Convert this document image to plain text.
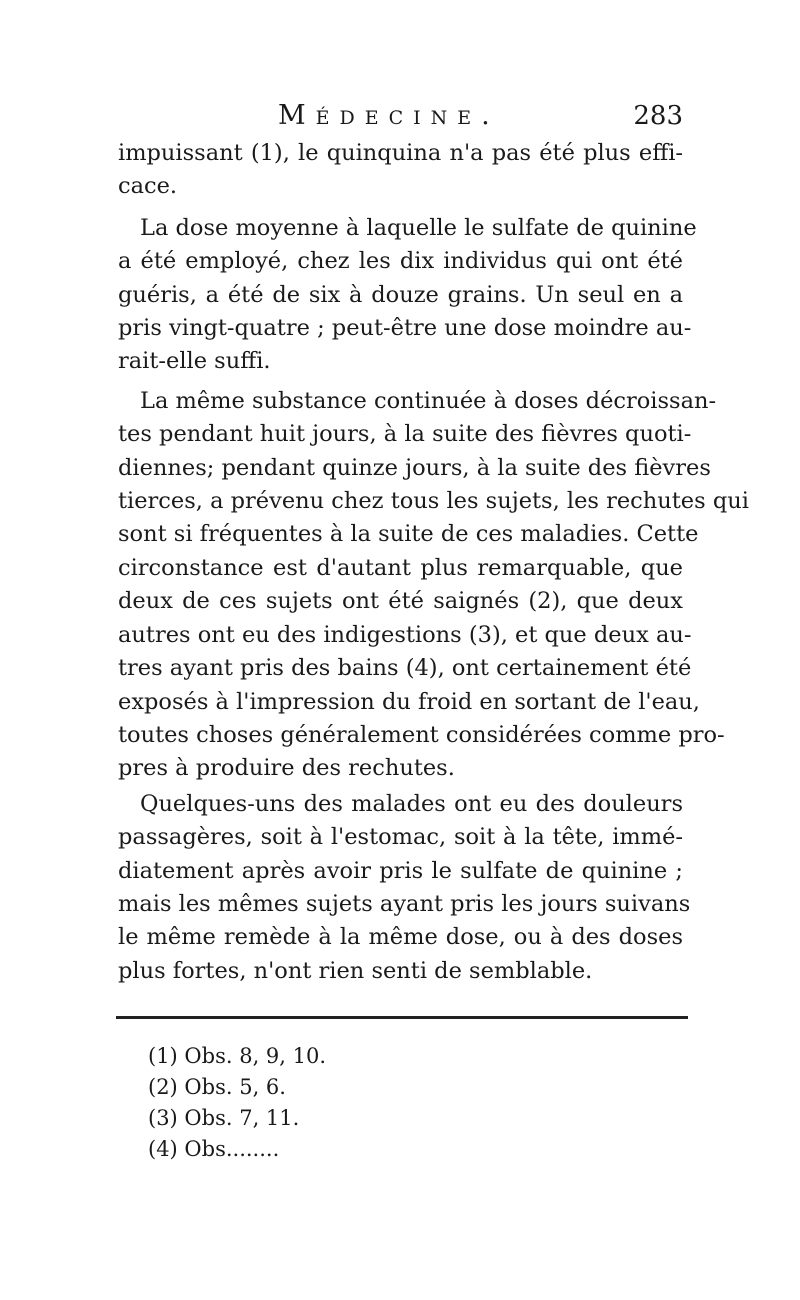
Médecine.	283

impuissant (1), le quinquina n'a pas été plus effi-
cace.

La dose moyenne à laquelle le sulfate de quinine
a été employé, chez les dix individus qui ont été
guéris, a été de six à douze grains. Un seul en a
pris vingt-quatre ; peut-être une dose moindre au-
rait-elle suffi.

La même substance continuée à doses décroissan-
tes pendant huit jours, à la suite des fièvres quoti-
diennes; pendant quinze jours, à la suite des fièvres
tierces, a prévenu chez tous les sujets, les rechutes qui
sont si fréquentes à la suite de ces maladies. Cette
circonstance est d'autant plus remarquable, que
deux de ces sujets ont été saignés (2), que deux
autres ont eu des indigestions (3), et que deux au-
tres ayant pris des bains (4), ont certainement été
exposés à l'impression du froid en sortant de l'eau,
toutes choses généralement considérées comme pro-
pres à produire des rechutes.

Quelques-uns des malades ont eu des douleurs
passagères, soit à l'estomac, soit à la tête, immé-
diatement après avoir pris le sulfate de quinine ;
mais les mêmes sujets ayant pris les jours suivans
le même remède à la même dose, ou à des doses
plus fortes, n'ont rien senti de semblable.

(1) Obs. 8, 9, 10.
(2) Obs. 5, 6.
(3) Obs. 7, 11.
(4) Obs........
